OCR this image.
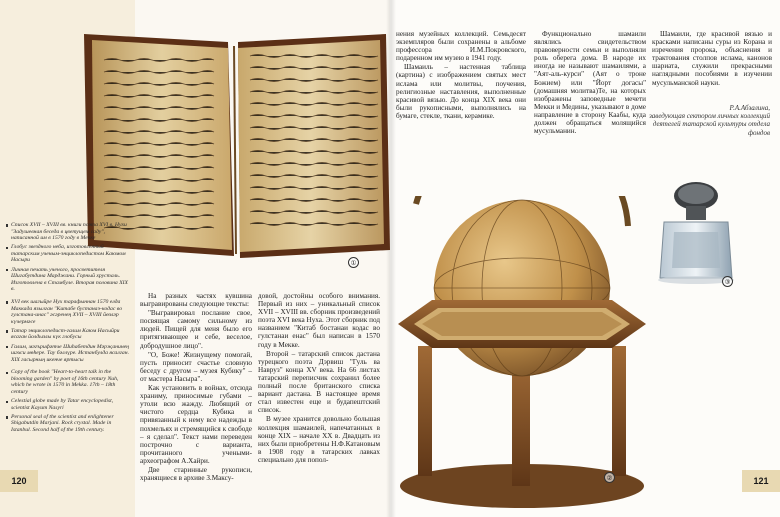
①
Список XVII – XVIII вв. книги поэта XVI в. Нухи "Задушевная беседа в цветущем саду", написанной им в 1570 году в Мекке
Глобус звездного неба, изготовленный татарским ученым-энциклопедистом Каюмом Насыри
Личная печать ученого, просветителя Шигабутдина Марджани. Горный хрусталь. Изготовлена в Стамбуле. Вторая половина XIX в.
XVI век шагыйре Нух тарафыннан 1570 елда Маккада язылган "Китабе бустанаэ-кодас во гулстана-инас" әсәренең XVII – XVIII йөзләр күчермәсе
Татар энциклопедист-галим Каюм Насыйри ясаган йолдызлы күк глобусы
Галим, мәгърифәтче Шиһабетдин Мәрҗанинең шәхси мөһере. Тау бәллүре. Истанбулда ясалган. XIX гасырның икенче яртысы
Copy of the book "Heart-to-heart talk in the blooming garden" by poet of 16th century Nuh, which he wrote in 1570 in Mekka. 17th – 18th century
Celestial globe made by Tatar encyclopedist, scientist Kayum Nasyri
Personal seal of the scientist and enlightener Shigabutdin Marjani. Rock crystal. Made in Istanbul. Second half of the 19th century.

На разных частях кувшина выгравированы следующие тексты:

"Выгравировал послание свое, посвящая самому сильному из людей. Пищей для меня было его притягивающее и себе, веселое, добродушное лицо".

"О, Боже! Жизнущему помогай, пусть приносит счастье словную беседу с другом – музея Кубику" – от мастера Насыра".

Как установить в войнах, отсюда храниму, приносимые губами – утоли всю жажду. Любящий от чистого сердца Кубика и привязанный к нему все надежды в похмельях и стремящийся к свободе – я сделал". Текст нами переведен построчно с варианта, прочитанного учеными-археографом А.Хайри.

Две старинные рукописи, хранящиеся в архиве З.Максу-

довой, достойны особого внимания. Первый из них – уникальный список XVII – XVIII вв. сборник произведений поэта XVI века Нуха. Этот сборник под названием "Китаб бостанаи кодас во гулстанаи енас" был написан в 1570 году в Мекке.

Второй – татарский список дастана турецкого поэта Дэрвиш "Гуль ва Навруз" конца XV века. На 66 листах татарский переписчик сохранил более полный после британского списка вариант дастана. В настоящее время стал известен еще и будапештский список.

В музее хранится довольно большая коллекция шамаилей, напечатанных в конце XIX – начале XX в. Двадцать из них были приобретены Н.Ф.Катановым в 1908 году в татарских лавках специально для попол-

120

нения музейных коллекций. Семьдесят экземпляров были сохранены в альбоме профессора И.М.Покровского, подаренном им музею в 1941 году.

Шамаиль – настенная таблица (картина) с изображением святых мест ислама или молитвы, поучения, религиозные наставления, выполненные красивой вязью. До конца XIX века они были рукописными, выполнялись на бумаге, стекле, ткани, керамике.

Функционально шамаили являлись свидетельством правоверности семьи и выполняли роль оберега дома. В народе их иногда не называют шамаилями, а "Аят-аль-курси" (Аят о троне Божием) или "Йорт догасы" (домашняя молитва)Те, на которых изображены заповедные мечети Мекки и Медины, указывают в доме направление в сторону Каабы, куда должен обращаться молящийся мусульманин.

Шамаили, где красивой вязью и красками написаны суры из Корана и изречения пророка, объяснения и трактования столпов ислама, канонов шариата, служили прекрасными наглядными пособиями в изучении мусульманской науки.

Р.А.Абзалина,
заведующая сектором личных коллекций деятелей татарской культуры отдела фондов
②
③
121
